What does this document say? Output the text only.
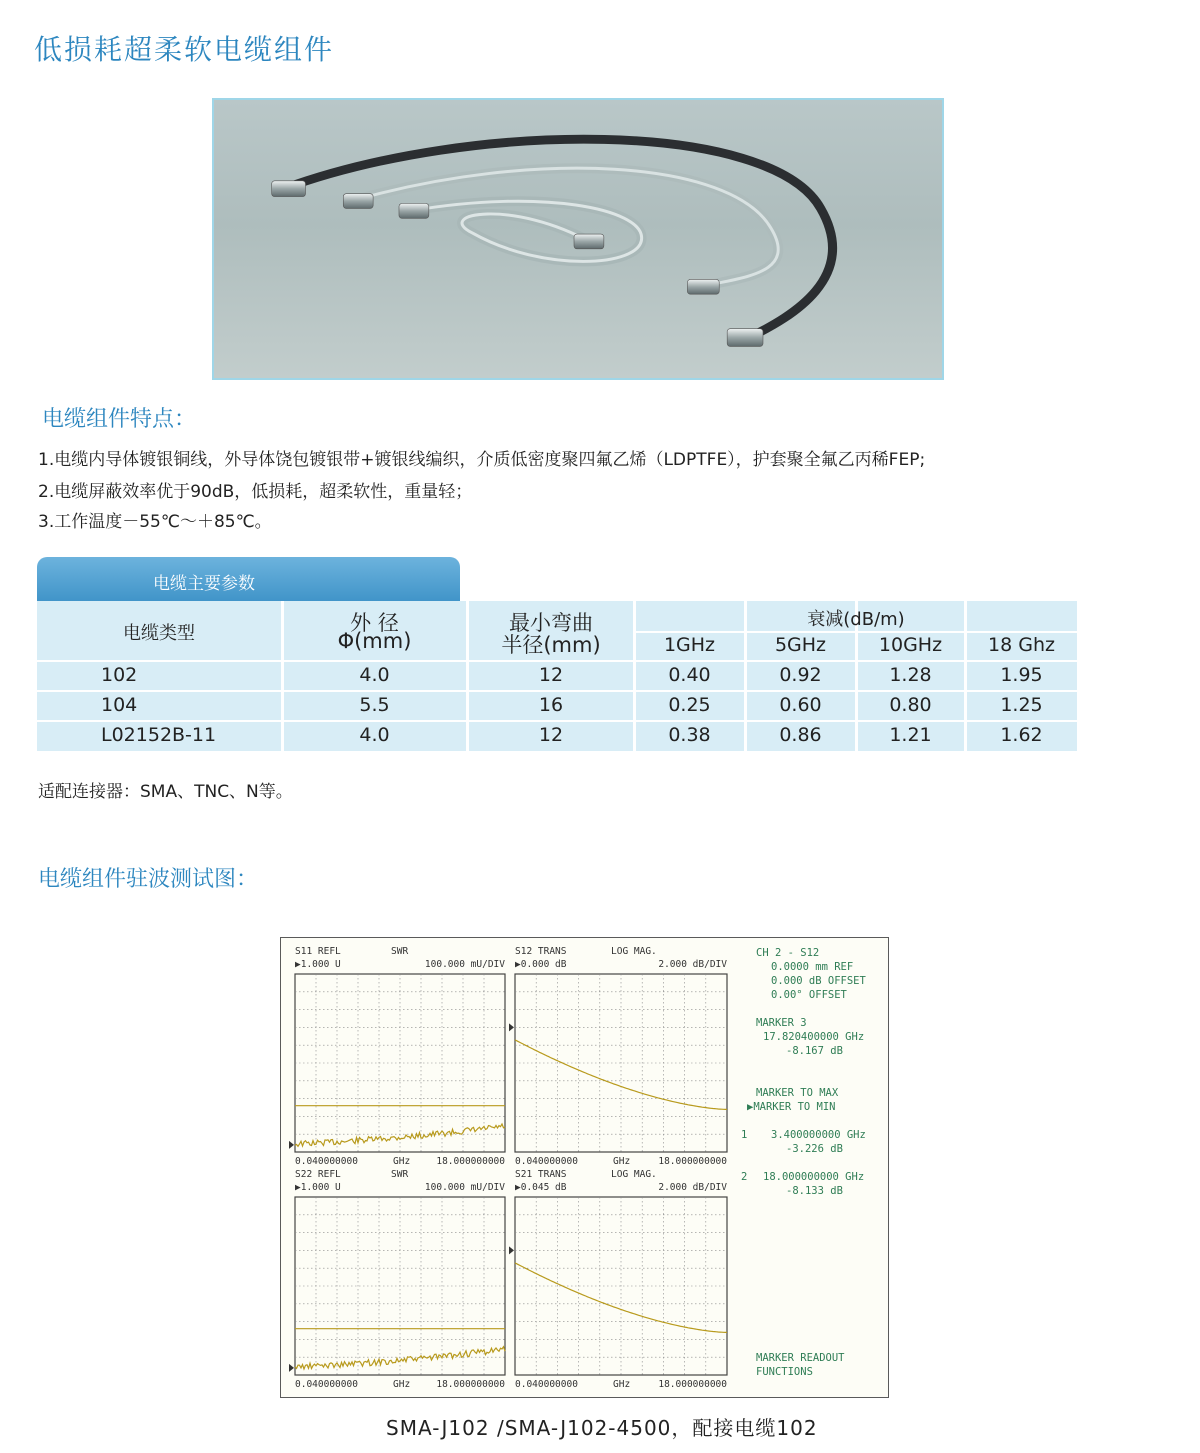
低损耗超柔软电缆组件
电缆组件特点：
1.电缆内导体镀银铜线，外导体饶包镀银带+镀银线编织，介质低密度聚四氟乙烯（LDPTFE），护套聚全氟乙丙稀FEP;
2.电缆屏蔽效率优于90dB，低损耗，超柔软性，重量轻；
3.工作温度－55℃～＋85℃。
电缆主要参数
电缆类型	外 径
Φ(mm)
最小弯曲
半径(mm)
衰减(dB/m)
1GHz	5GHz	10GHz	18 Ghz
102	4.0	12	0.40	0.92	1.28	1.95
104	5.5	16	0.25	0.60	0.80	1.25
L02152B-11	4.0	12	0.38	0.86	1.21	1.62
适配连接器：SMA、TNC、N等。
电缆组件驻波测试图：
S11 REFL	SWR
▶1.000 U	100.000 mU/DIV
0.040000000	GHz	18.000000000
S12 TRANS	LOG MAG.
▶0.000 dB	2.000 dB/DIV
0.040000000	GHz	18.000000000
S22 REFL	SWR
▶1.000 U	100.000 mU/DIV
0.040000000	GHz	18.000000000
S21 TRANS	LOG MAG.
▶0.045 dB	2.000 dB/DIV
0.040000000	GHz	18.000000000
CH 2 - S12
0.0000 mm REF
0.000 dB OFFSET
0.00° OFFSET
MARKER 3
17.820400000 GHz
-8.167 dB
MARKER TO MAX
▶MARKER TO MIN
1 3.400000000 GHz
-3.226 dB
2 18.000000000 GHz
-8.133 dB
MARKER READOUT
FUNCTIONS
SMA-J102 /SMA-J102-4500，配接电缆102
